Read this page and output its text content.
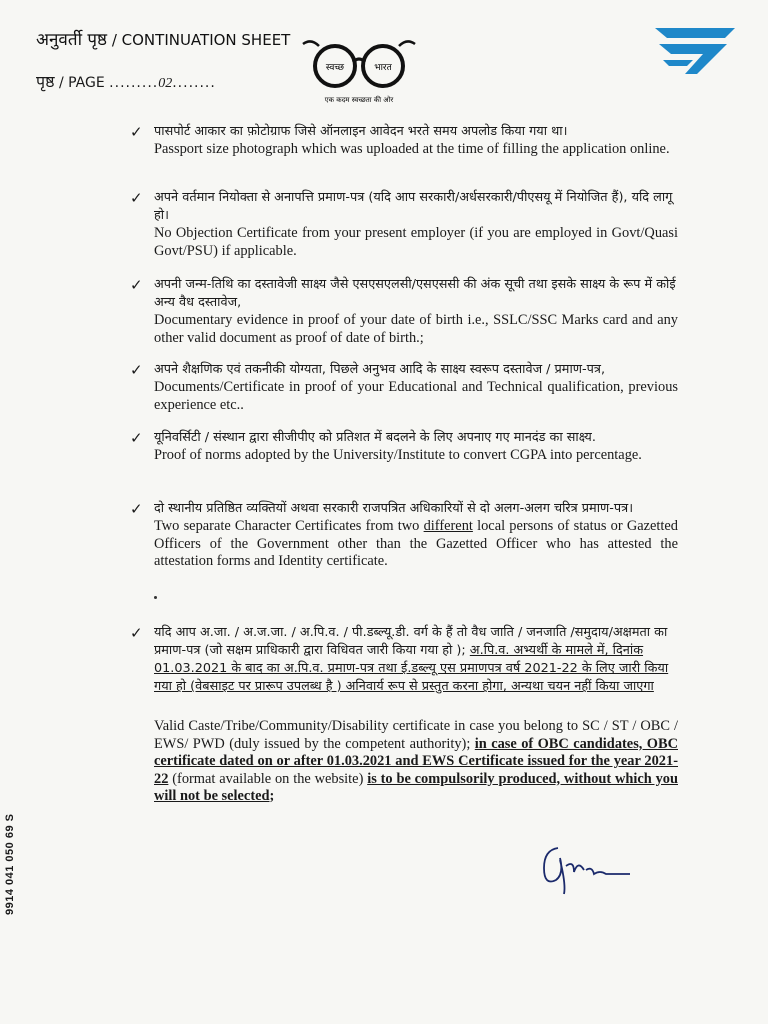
अनुवर्ती पृष्ठ / CONTINUATION SHEET
पृष्ठ / PAGE .........02........
स्वच्छ	भारत
एक कदम स्वच्छता की ओर
✓ पासपोर्ट आकार का फ़ोटोग्राफ जिसे ऑनलाइन आवेदन भरते समय अपलोड किया गया था।
Passport size photograph which was uploaded at the time of filling the application online.
✓ अपने वर्तमान नियोक्ता से अनापत्ति प्रमाण-पत्र (यदि आप सरकारी/अर्धसरकारी/पीएसयू में नियोजित हैं), यदि लागू हो।
No Objection Certificate from your present employer (if you are employed in Govt/Quasi Govt/PSU) if applicable.
✓ अपनी जन्म-तिथि का दस्तावेजी साक्ष्य जैसे एसएसएलसी/एसएससी की अंक सूची तथा इसके साक्ष्य के रूप में कोई अन्य वैध दस्तावेज,
Documentary evidence in proof of your date of birth i.e., SSLC/SSC Marks card and any other valid document as proof of date of birth.;
✓ अपने शैक्षणिक एवं तकनीकी योग्यता, पिछले अनुभव आदि के साक्ष्य स्वरूप दस्तावेज / प्रमाण-पत्र,
Documents/Certificate in proof of your Educational and Technical qualification, previous experience etc..
✓ यूनिवर्सिटी / संस्थान द्वारा सीजीपीए को प्रतिशत में बदलने के लिए अपनाए गए मानदंड का साक्ष्य.
Proof of norms adopted by the University/Institute to convert CGPA into percentage.
✓ दो स्थानीय प्रतिष्ठित व्यक्तियों अथवा सरकारी राजपत्रित अधिकारियों से दो अलग-अलग चरित्र प्रमाण-पत्र।
Two separate Character Certificates from two different local persons of status or Gazetted Officers of the Government other than the Gazetted Officer who has attested the attestation forms and Identity certificate.
✓ यदि आप अ.जा. / अ.ज.जा. / अ.पि.व. / पी.डब्ल्यू.डी. वर्ग के हैं तो वैध जाति / जनजाति /समुदाय/अक्षमता का प्रमाण-पत्र (जो सक्षम प्राधिकारी द्वारा विधिवत जारी किया गया हो ); अ.पि.व. अभ्यर्थी के मामले में, दिनांक 01.03.2021 के बाद का अ.पि.व. प्रमाण-पत्र तथा ई.डब्ल्यू एस प्रमाणपत्र वर्ष 2021-22 के लिए जारी किया गया हो (वेबसाइट पर प्रारूप उपलब्ध है ) अनिवार्य रूप से प्रस्तुत करना होगा, अन्यथा चयन नहीं किया जाएगा
Valid Caste/Tribe/Community/Disability certificate in case you belong to SC / ST / OBC / EWS/ PWD (duly issued by the competent authority); in case of OBC candidates, OBC certificate dated on or after 01.03.2021 and EWS Certificate issued for the year 2021-22 (format available on the website) is to be compulsorily produced, without which you will not be selected;
9914 041 050 69 S
